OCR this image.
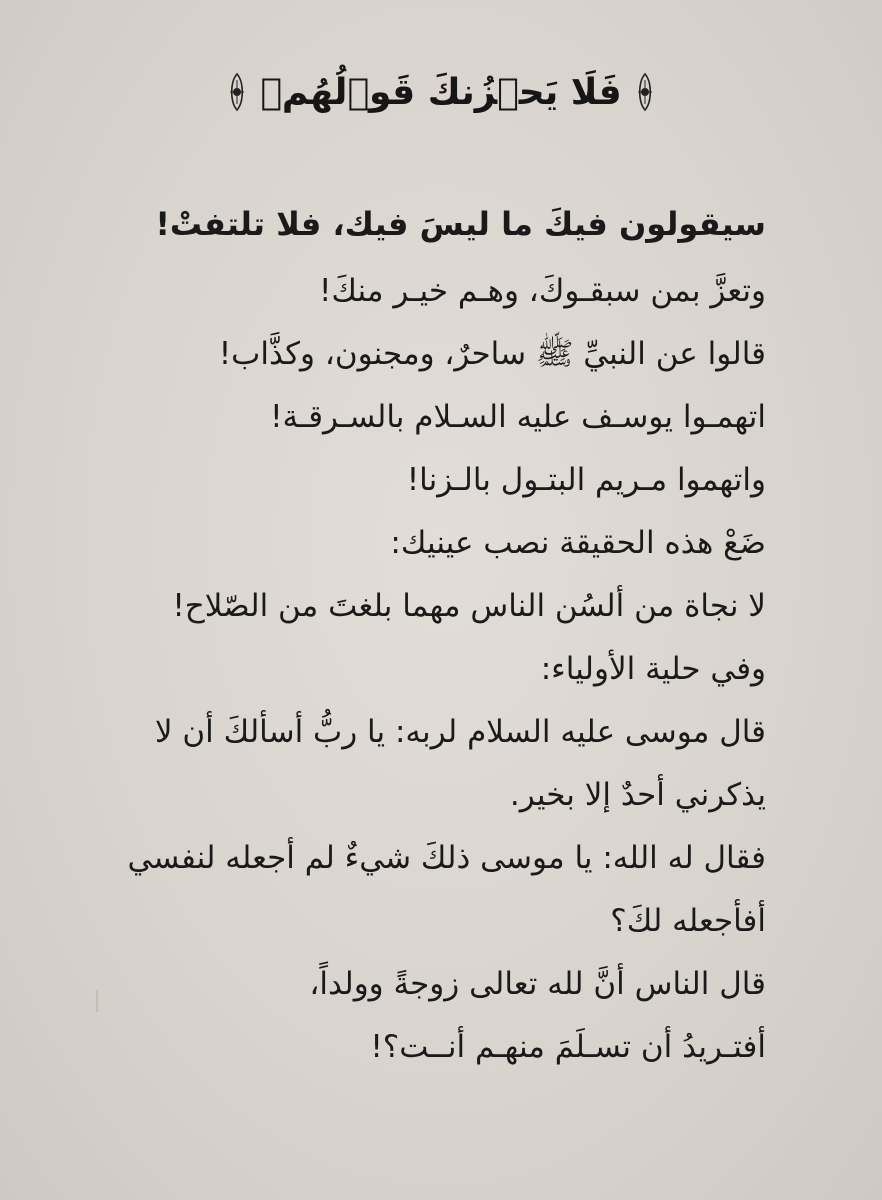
فَلَا يَحۡزُنكَ قَوۡلُهُمۡ
سيقولون فيكَ ما ليسَ فيك، فلا تلتفتْ!
وتعزَّ بمن سبقـوكَ، وهـم خيـر منكَ!
قالوا عن النبيِّ ﷺ ساحرٌ، ومجنون، وكذَّاب!
اتهمـوا يوسـف عليه السـلام بالسـرقـة!
واتهموا مـريم البتـول بالـزنا!
ضَعْ هذه الحقيقة نصب عينيك:
لا نجاة من ألسُن الناس مهما بلغتَ من الصّلاح!
وفي حلية الأولياء:
قال موسى عليه السلام لربه: يا ربُّ أسألكَ أن لا
يذكرني أحدٌ إلا بخير.
فقال له الله: يا موسى ذلكَ شيءٌ لم أجعله لنفسي
أفأجعله لكَ؟
قال الناس أنَّ لله تعالى زوجةً وولداً،
أفتـريدُ أن تسـلَمَ منهـم أنــت؟!
